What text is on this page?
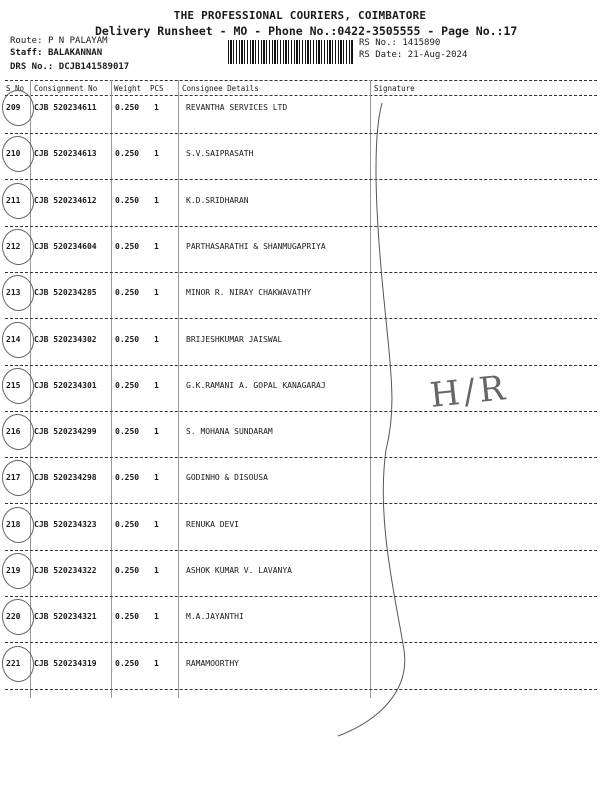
THE PROFESSIONAL COURIERS, COIMBATORE
Delivery Runsheet - MO - Phone No.:0422-3505555 - Page No.:17
Route: P N PALAYAM
Staff: BALAKANNAN
DRS No.: DCJB141589017
RS No.: 1415890
RS Date: 21-Aug-2024
S No Consignment No Weight PCS Consignee Details	Signature
209 CJB 520234611 0.250 1	REVANTHA SERVICES LTD
210 CJB 520234613 0.250 1	S.V.SAIPRASATH
211 CJB 520234612 0.250 1	K.D.SRIDHARAN
212 CJB 520234604 0.250 1	PARTHASARATHI & SHANMUGAPRIYA
213 CJB 520234285 0.250 1	MINOR R. NIRAY CHAKWAVATHY
214 CJB 520234302 0.250 1	BRIJESHKUMAR JAISWAL
215 CJB 520234301 0.250 1	G.K.RAMANI A. GOPAL KANAGARAJ
216 CJB 520234299 0.250 1	S. MOHANA SUNDARAM
217 CJB 520234298 0.250 1	GODINHO & DISOUSA
218 CJB 520234323 0.250 1	RENUKA DEVI
219 CJB 520234322 0.250 1	ASHOK KUMAR V. LAVANYA
220 CJB 520234321 0.250 1	M.A.JAYANTHI
221 CJB 520234319 0.250 1	RAMAMOORTHY
H/R
